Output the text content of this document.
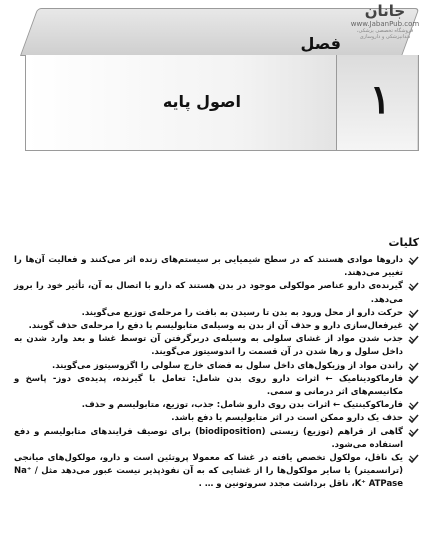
فصل
۱
اصول پایه
جانان
www.JabanPub.com
فروشگاه تخصصی پزشکی، دندانپزشکی و داروسازی
کلیات
داروها موادی هستند که در سطح شیمیایی بر سیستم‌های زنده اثر می‌کنند و فعالیت آن‌ها را تغییر می‌دهند.
گیرنده‌ی دارو عناصر مولکولی موجود در بدن هستند که دارو با اتصال به آن، تأثیر خود را بروز می‌دهد.
حرکت دارو از محل ورود به بدن تا رسیدن به بافت را مرحله‌ی توزیع می‌گویند.
غیرفعال‌سازی دارو و حذف آن از بدن به وسیله‌ی متابولیسم یا دفع را مرحله‌ی حذف گویند.
جذب شدن مواد از غشای سلولی به وسیله‌ی دربرگرفتن آن توسط غشا و بعد وارد شدن به داخل سلول و رها شدن در آن قسمت را اندوسیتوز می‌گویند.
راندن مواد از وزیکول‌های داخل سلول به فضای خارج سلولی را اگزوسیتوز می‌گویند.
فارماکودینامیک ← اثرات دارو روی بدن شامل: تعامل با گیرنده، پدیده‌ی دوز- پاسخ و مکانیسم‌های اثر درمانی و سمی.
فارماکوکینتیک ← اثرات بدن روی دارو شامل: جذب، توزیع، متابولیسم و حذف.
حذف یک دارو ممکن است در اثر متابولیسم یا دفع باشد.
گاهی از فراهم (توزیع) زیستی (biodiposition) برای توصیف فرایندهای متابولیسم و دفع استفاده می‌شود.
یک ناقل، مولکول تخصص یافته در غشا که معمولا پروتئین است و دارو، مولکول‌های میانجی (ترانسمیتر) یا سایر مولکول‌ها را از غشایی که به آن نفوذپذیر نیست عبور می‌دهد مثل Na⁺ / K⁺ ATPase، ناقل برداشت مجدد سروتونین و … .
